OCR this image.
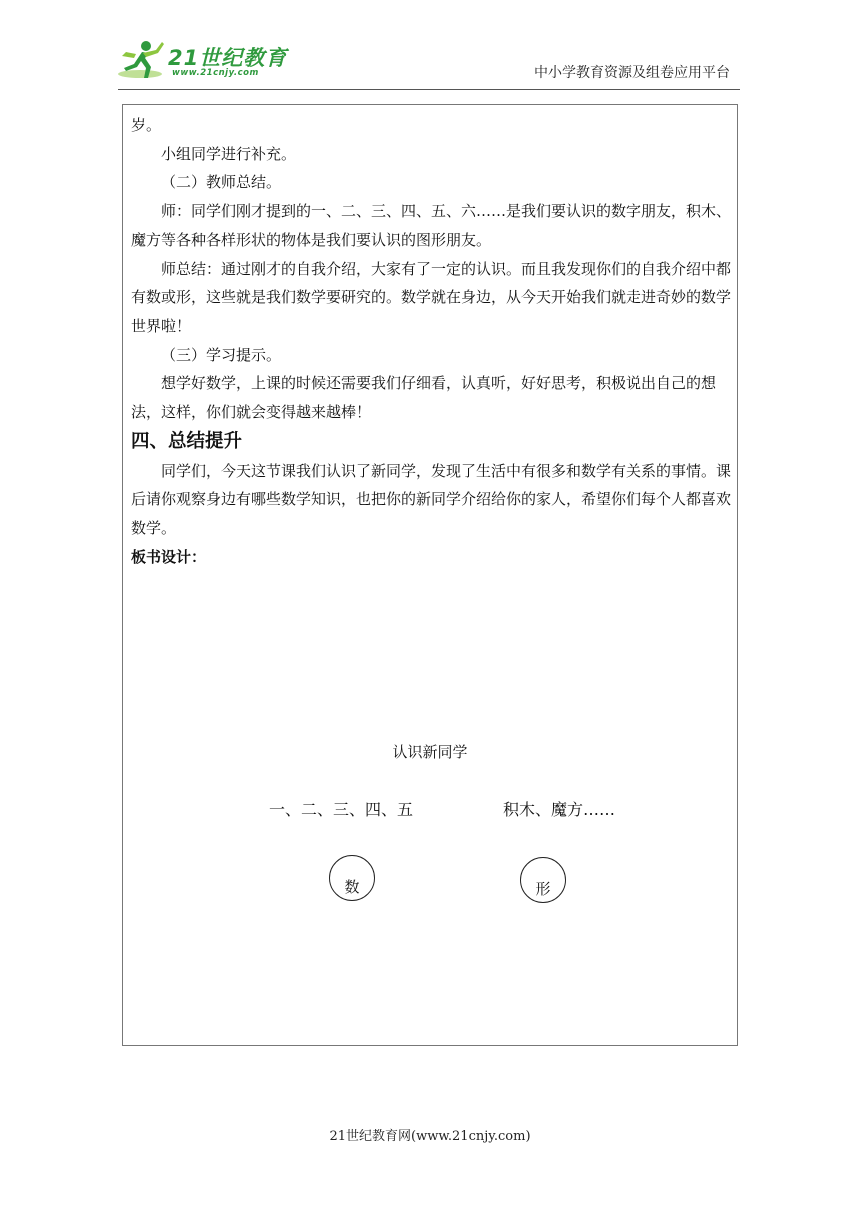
21世纪教育
www.21cnjy.com	中小学教育资源及组卷应用平台

岁。

小组同学进行补充。

（二）教师总结。

师：同学们刚才提到的一、二、三、四、五、六……是我们要认识的数字朋友，积木、魔方等各种各样形状的物体是我们要认识的图形朋友。

师总结：通过刚才的自我介绍，大家有了一定的认识。而且我发现你们的自我介绍中都有数或形，这些就是我们数学要研究的。数学就在身边，从今天开始我们就走进奇妙的数学世界啦！

（三）学习提示。

想学好数学，上课的时候还需要我们仔细看，认真听，好好思考，积极说出自己的想法，这样，你们就会变得越来越棒！

四、总结提升

同学们，今天这节课我们认识了新同学，发现了生活中有很多和数学有关系的事情。课后请你观察身边有哪些数学知识，也把你的新同学介绍给你的家人，希望你们每个人都喜欢数学。

板书设计：

认识新同学
一、二、三、四、五	积木、魔方……
数	形
21世纪教育网(www.21cnjy.com)
